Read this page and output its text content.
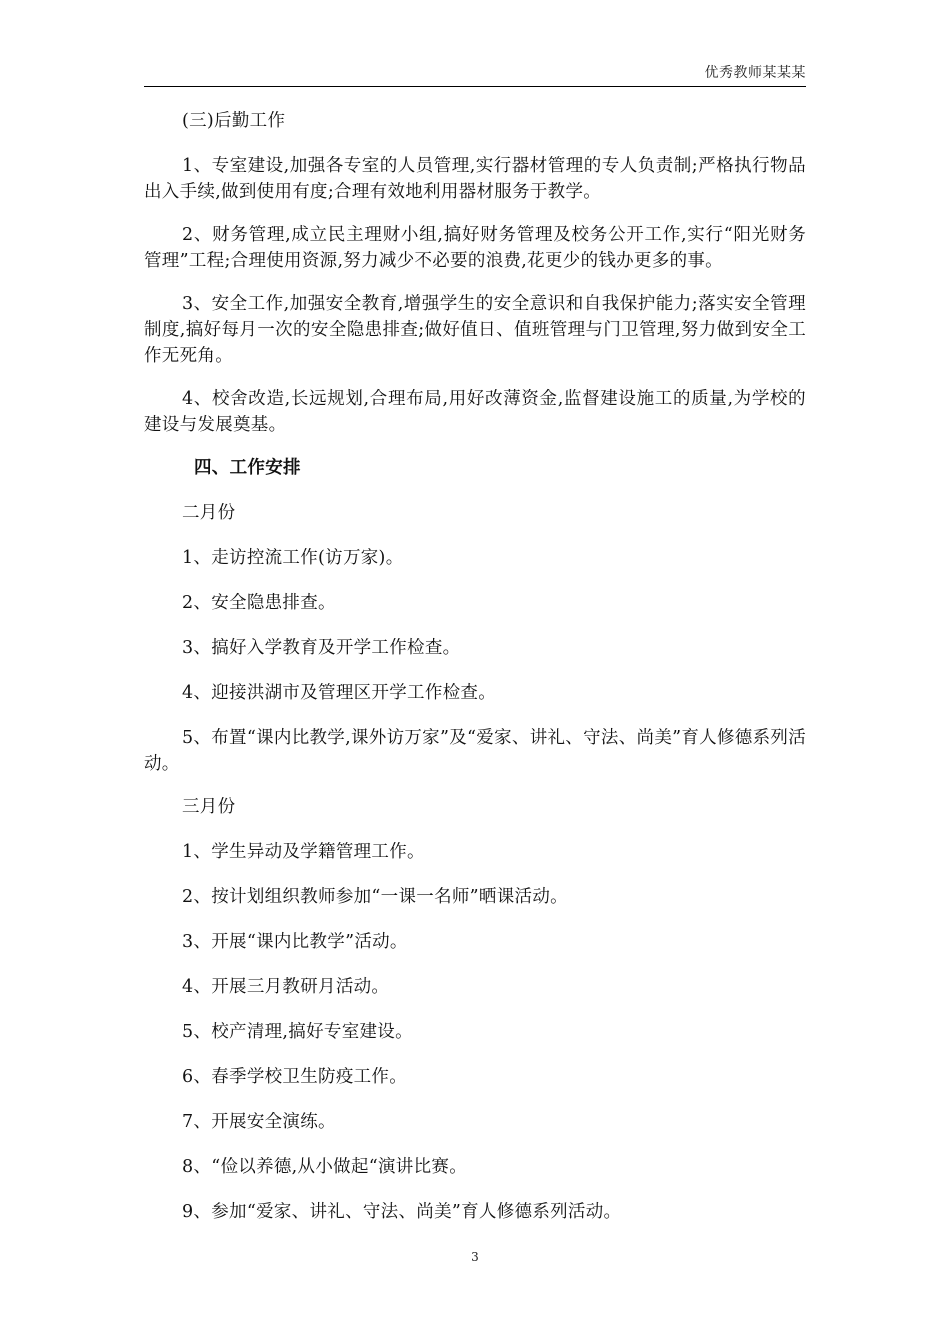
优秀教师某某某

(三)后勤工作

1、专室建设,加强各专室的人员管理,实行器材管理的专人负责制;严格执行物品出入手续,做到使用有度;合理有效地利用器材服务于教学。

2、财务管理,成立民主理财小组,搞好财务管理及校务公开工作,实行“阳光财务管理”工程;合理使用资源,努力减少不必要的浪费,花更少的钱办更多的事。

3、安全工作,加强安全教育,增强学生的安全意识和自我保护能力;落实安全管理制度,搞好每月一次的安全隐患排查;做好值日、值班管理与门卫管理,努力做到安全工作无死角。

4、校舍改造,长远规划,合理布局,用好改薄资金,监督建设施工的质量,为学校的建设与发展奠基。

四、工作安排

二月份

1、走访控流工作(访万家)。

2、安全隐患排查。

3、搞好入学教育及开学工作检查。

4、迎接洪湖市及管理区开学工作检查。

5、布置“课内比教学,课外访万家”及“爱家、讲礼、守法、尚美”育人修德系列活动。

三月份

1、学生异动及学籍管理工作。

2、按计划组织教师参加“一课一名师”晒课活动。

3、开展“课内比教学”活动。

4、开展三月教研月活动。

5、校产清理,搞好专室建设。

6、春季学校卫生防疫工作。

7、开展安全演练。

8、“俭以养德,从小做起“演讲比赛。

9、参加“爱家、讲礼、守法、尚美”育人修德系列活动。

3
